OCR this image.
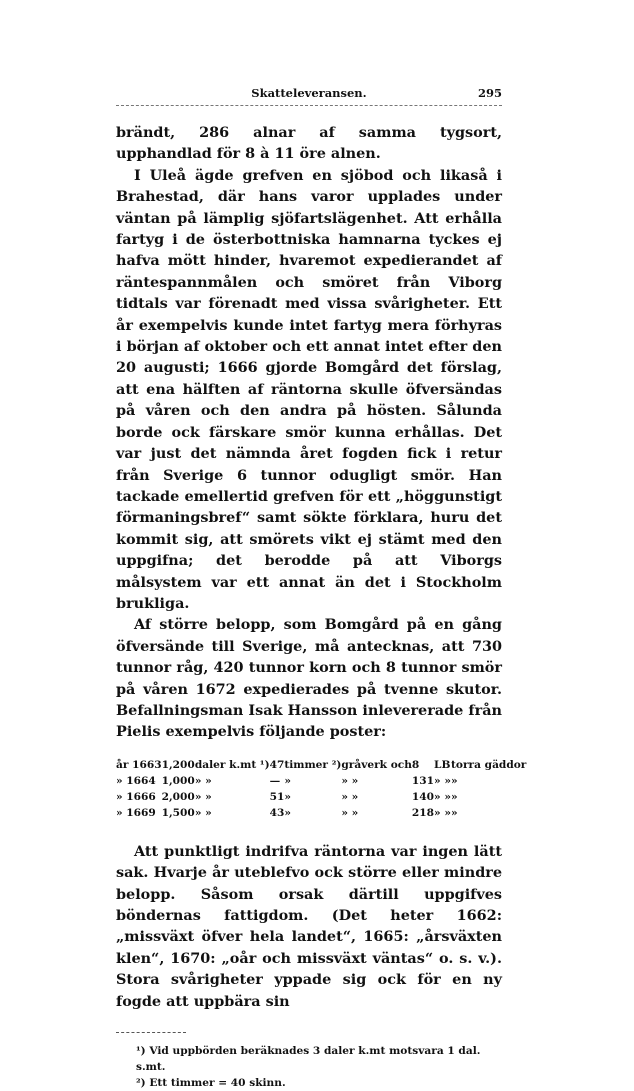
Skatteleveransen.	295

brändt, 286 alnar af samma tygsort, upphandlad för 8 à 11 öre alnen.

I Uleå ägde grefven en sjöbod och likaså i Brahestad, där hans varor upplades under väntan på lämplig sjöfartslägenhet. Att erhålla fartyg i de österbottniska hamnarna tyckes ej hafva mött hinder, hvaremot expedierandet af räntespannmålen och smöret från Viborg tidtals var förenadt med vissa svårigheter. Ett år exempelvis kunde intet fartyg mera förhyras i början af oktober och ett annat intet efter den 20 augusti; 1666 gjorde Bomgård det förslag, att ena hälften af räntorna skulle öfversändas på våren och den andra på hösten. Sålunda borde ock färskare smör kunna erhållas. Det var just det nämnda året fogden fick i retur från Sverige 6 tunnor odugligt smör. Han tackade emellertid grefven för ett „höggunstigt förmaningsbref“ samt sökte förklara, huru det kommit sig, att smörets vikt ej stämt med den uppgifna; det berodde på att Viborgs målsystem var ett annat än det i Stockholm brukliga.

Af större belopp, som Bomgård på en gång öfversände till Sverige, må antecknas, att 730 tunnor råg, 420 tunnor korn och 8 tunnor smör på våren 1672 expedierades på tvenne skutor. Befallningsman Isak Hansson inlevererade från Pielis exempelvis följande poster:

år 1663	1,200	daler k.mt ¹)	47	timmer ²)	gråverk och	8	LB	torra gäddor
» 1664	1,000	» »	—	»	» »	131	» »	»
» 1666	2,000	» »	51	»	» »	140	» »	»
» 1669	1,500	» »	43	»	» »	218	» »	»

Att punktligt indrifva räntorna var ingen lätt sak. Hvarje år uteblefvo ock större eller mindre belopp. Såsom orsak därtill uppgifves böndernas fattigdom. (Det heter 1662: „missväxt öfver hela landet“, 1665: „årsväxten klen“, 1670: „oår och missväxt väntas“ o. s. v.). Stora svårigheter yppade sig ock för en ny fogde att uppbära sin

¹) Vid uppbörden beräknades 3 daler k.mt motsvara 1 dal. s.mt.
²) Ett timmer = 40 skinn.
